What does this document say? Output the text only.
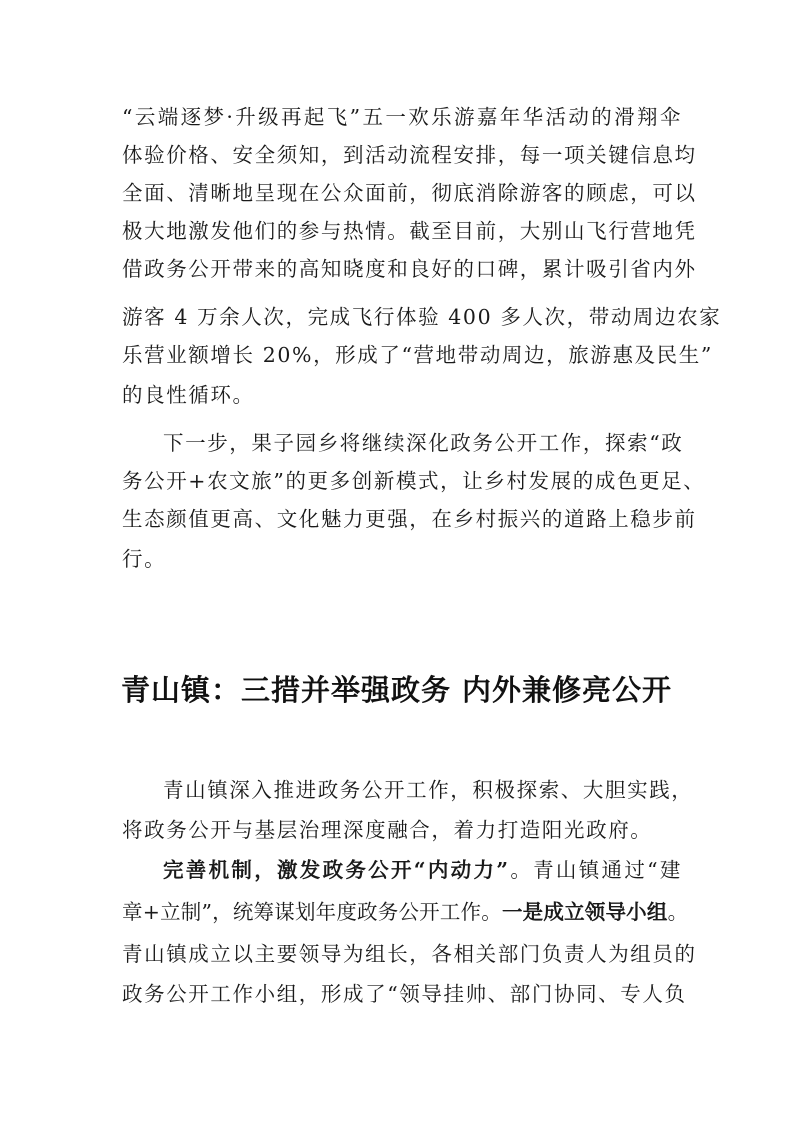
“云端逐梦·升级再起飞”五一欢乐游嘉年华活动的滑翔伞
体验价格、安全须知，到活动流程安排，每一项关键信息均
全面、清晰地呈现在公众面前，彻底消除游客的顾虑，可以
极大地激发他们的参与热情。截至目前，大别山飞行营地凭
借政务公开带来的高知晓度和良好的口碑，累计吸引省内外
游客 4 万余人次，完成飞行体验 400 多人次，带动周边农家
乐营业额增长 20%，形成了“营地带动周边，旅游惠及民生”
的良性循环。
下一步，果子园乡将继续深化政务公开工作，探索“政
务公开+农文旅”的更多创新模式，让乡村发展的成色更足、
生态颜值更高、文化魅力更强，在乡村振兴的道路上稳步前
行。
青山镇：三措并举强政务 内外兼修亮公开
青山镇深入推进政务公开工作，积极探索、大胆实践，
将政务公开与基层治理深度融合，着力打造阳光政府。
完善机制，激发政务公开“内动力”。青山镇通过“建
章+立制”，统筹谋划年度政务公开工作。一是成立领导小组。
青山镇成立以主要领导为组长，各相关部门负责人为组员的
政务公开工作小组，形成了“领导挂帅、部门协同、专人负
